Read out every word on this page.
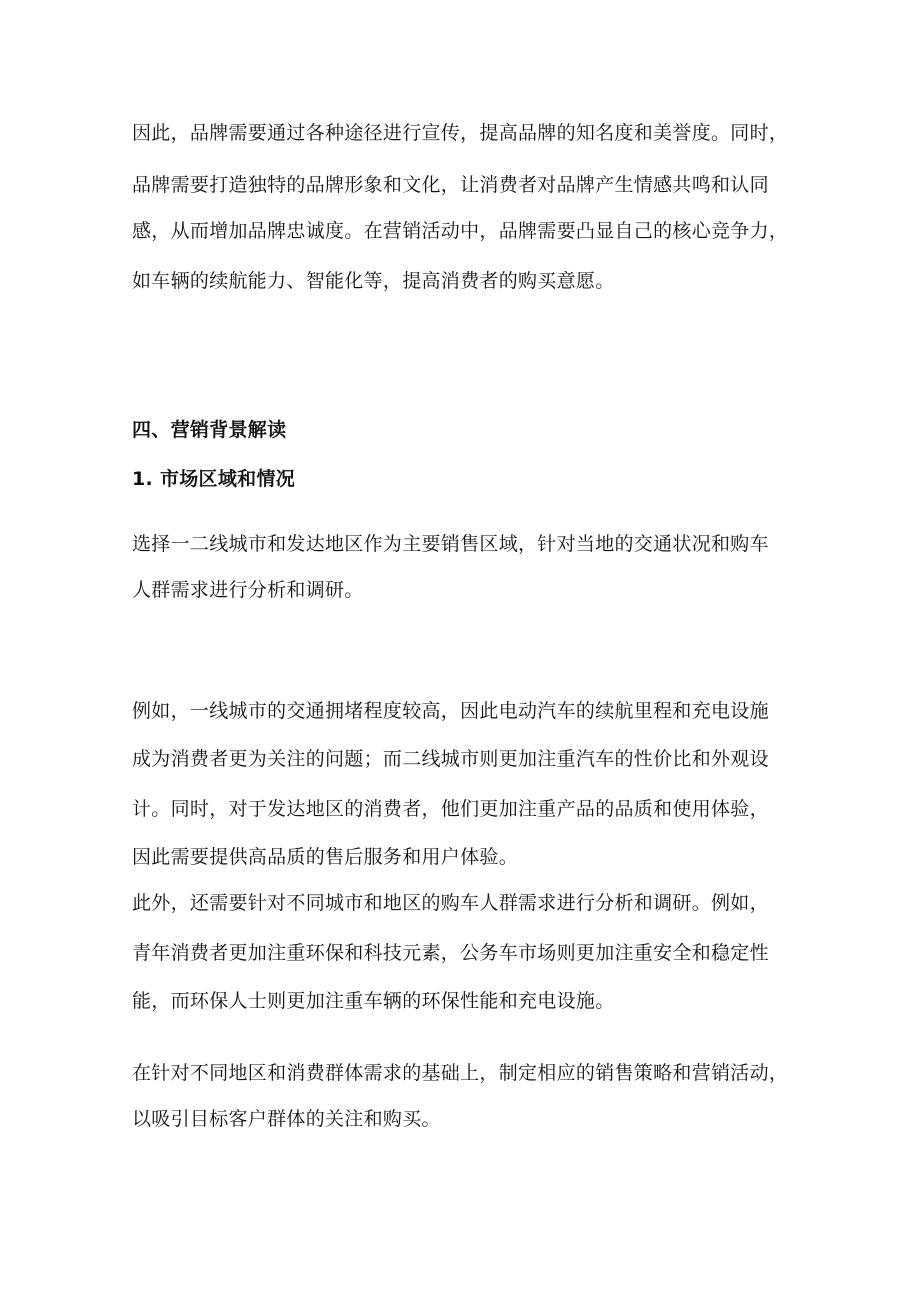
因此，品牌需要通过各种途径进行宣传，提高品牌的知名度和美誉度。同时，
品牌需要打造独特的品牌形象和文化，让消费者对品牌产生情感共鸣和认同
感，从而增加品牌忠诚度。在营销活动中，品牌需要凸显自己的核心竞争力，
如车辆的续航能力、智能化等，提高消费者的购买意愿。
四、营销背景解读
1. 市场区域和情况
选择一二线城市和发达地区作为主要销售区域，针对当地的交通状况和购车
人群需求进行分析和调研。
例如，一线城市的交通拥堵程度较高，因此电动汽车的续航里程和充电设施
成为消费者更为关注的问题；而二线城市则更加注重汽车的性价比和外观设
计。同时，对于发达地区的消费者，他们更加注重产品的品质和使用体验，
因此需要提供高品质的售后服务和用户体验。
此外，还需要针对不同城市和地区的购车人群需求进行分析和调研。例如，
青年消费者更加注重环保和科技元素，公务车市场则更加注重安全和稳定性
能，而环保人士则更加注重车辆的环保性能和充电设施。
在针对不同地区和消费群体需求的基础上，制定相应的销售策略和营销活动，
以吸引目标客户群体的关注和购买。
